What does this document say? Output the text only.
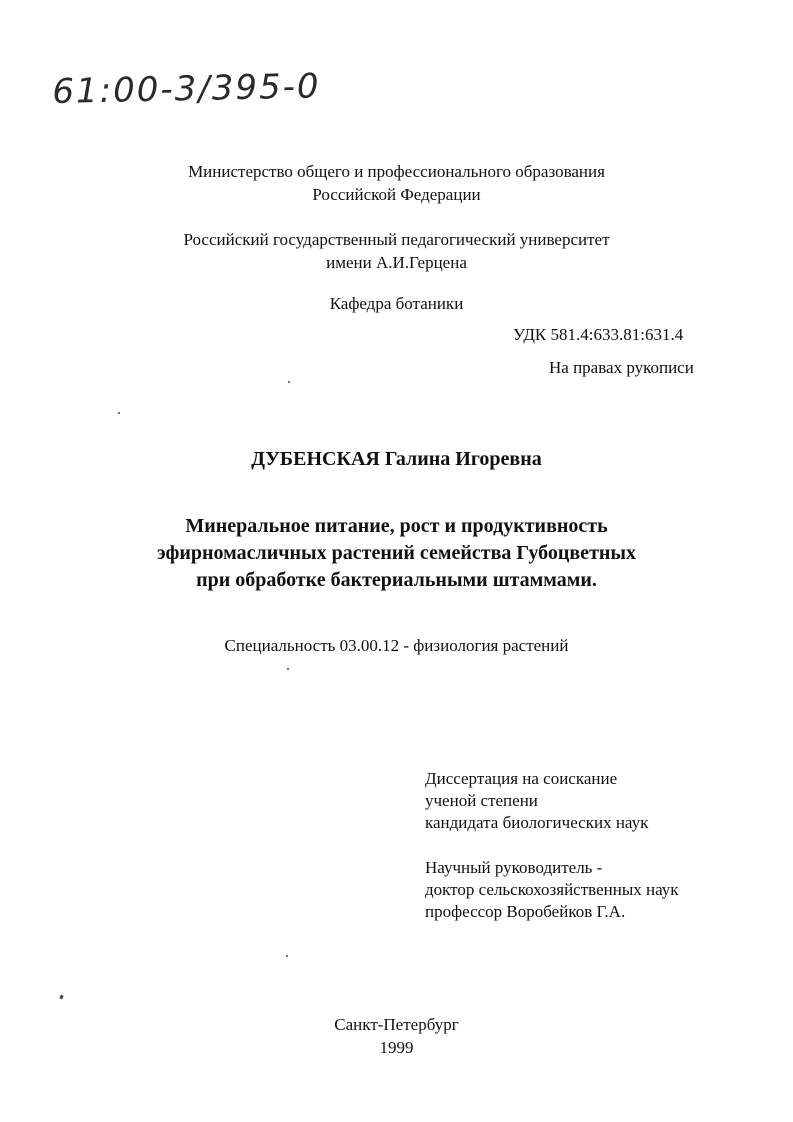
61:00-3/395-0
Министерство общего и профессионального образования
Российской Федерации
Российский государственный педагогический университет
имени А.И.Герцена
Кафедра ботаники
УДК 581.4:633.81:631.4
На правах рукописи
ДУБЕНСКАЯ Галина Игоревна
Минеральное питание, рост и продуктивность
эфирномасличных растений семейства Губоцветных
при обработке бактериальными штаммами.
Специальность 03.00.12 - физиология растений
Диссертация на соискание
ученой степени
кандидата биологических наук
Научный руководитель -
доктор сельскохозяйственных наук
профессор Воробейков Г.А.
Санкт-Петербург
1999
